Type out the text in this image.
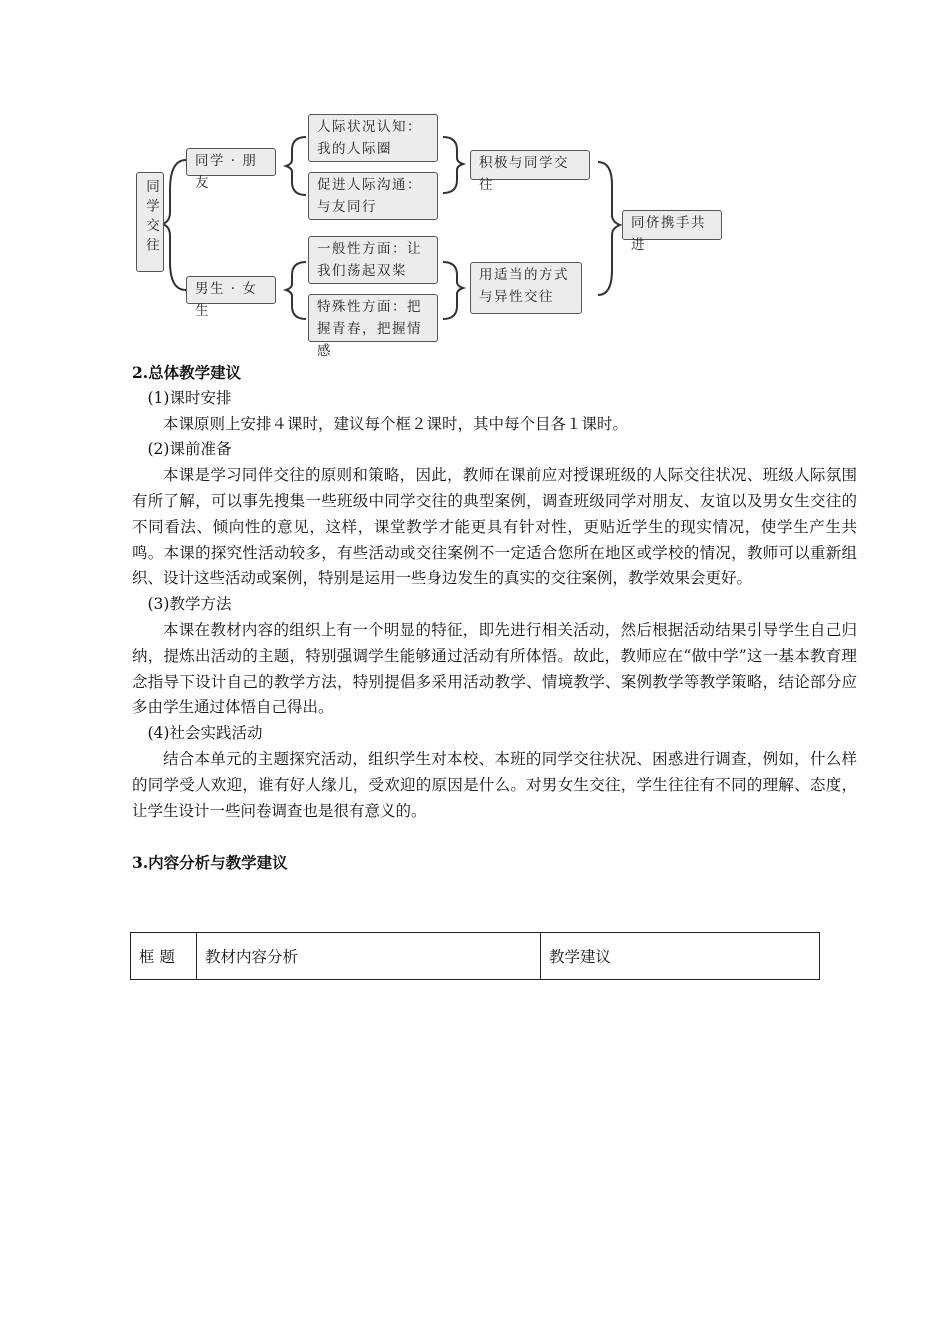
同学交往
同学 · 朋友
男生 · 女生
人际状况认知：我的人际圈
促进人际沟通：与友同行
一般性方面：让我们荡起双桨
特殊性方面：把握青春，把握情感
积极与同学交往
用适当的方式与异性交往
同侪携手共进

2.总体教学建议

(1)课时安排

本课原则上安排４课时，建议每个框２课时，其中每个目各１课时。

(2)课前准备

本课是学习同伴交往的原则和策略，因此，教师在课前应对授课班级的人际交往状况、班级人际氛围有所了解，可以事先搜集一些班级中同学交往的典型案例，调查班级同学对朋友、友谊以及男女生交往的不同看法、倾向性的意见，这样，课堂教学才能更具有针对性，更贴近学生的现实情况，使学生产生共鸣。本课的探究性活动较多，有些活动或交往案例不一定适合您所在地区或学校的情况，教师可以重新组织、设计这些活动或案例，特别是运用一些身边发生的真实的交往案例，教学效果会更好。

(3)教学方法

本课在教材内容的组织上有一个明显的特征，即先进行相关活动，然后根据活动结果引导学生自己归纳，提炼出活动的主题，特别强调学生能够通过活动有所体悟。故此，教师应在“做中学”这一基本教育理念指导下设计自己的教学方法，特别提倡多采用活动教学、情境教学、案例教学等教学策略，结论部分应多由学生通过体悟自己得出。

(4)社会实践活动

结合本单元的主题探究活动，组织学生对本校、本班的同学交往状况、困惑进行调查，例如，什么样的同学受人欢迎，谁有好人缘儿，受欢迎的原因是什么。对男女生交往，学生往往有不同的理解、态度，让学生设计一些问卷调查也是很有意义的。

3.内容分析与教学建议

框 题	教材内容分析	教学建议
